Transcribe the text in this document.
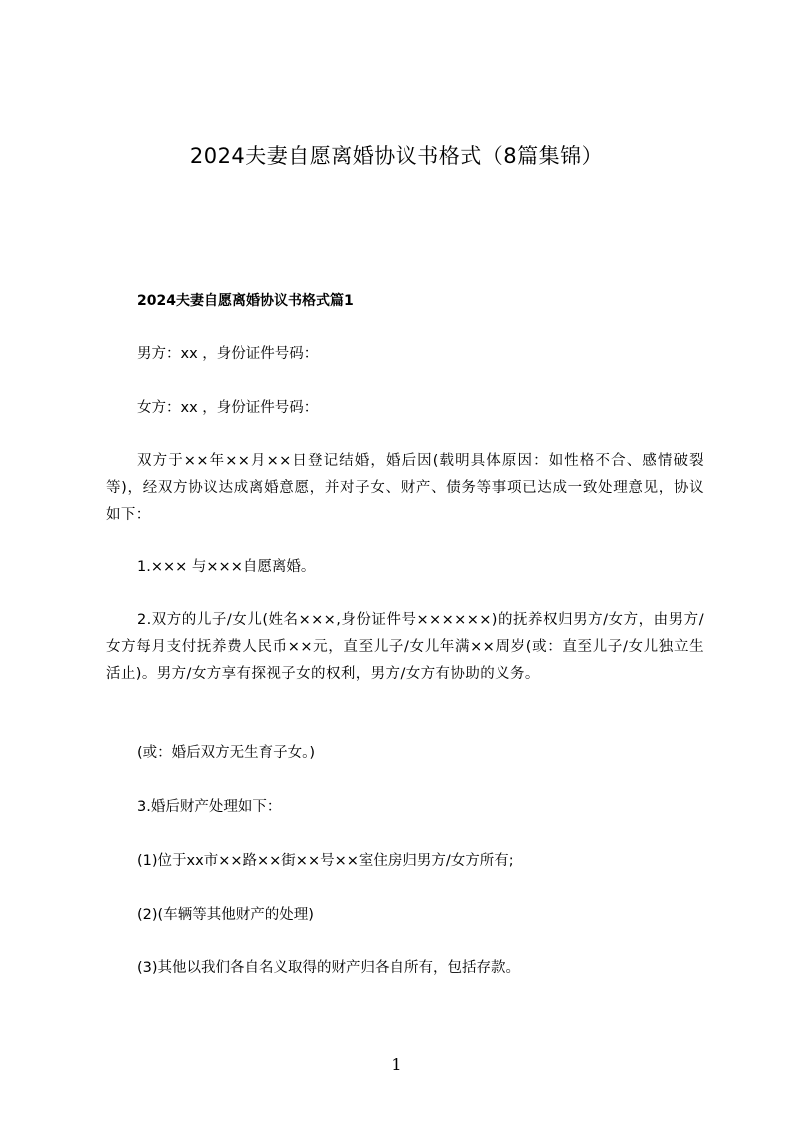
2024夫妻自愿离婚协议书格式（8篇集锦）
2024夫妻自愿离婚协议书格式篇1
男方：xx ，身份证件号码：
女方：xx ，身份证件号码：
双方于××年××月××日登记结婚，婚后因(载明具体原因：如性格不合、感情破裂等)，经双方协议达成离婚意愿，并对子女、财产、债务等事项已达成一致处理意见，协议如下：
1.××× 与×××自愿离婚。
2.双方的儿子/女儿(姓名×××,身份证件号××××××)的抚养权归男方/女方，由男方/女方每月支付抚养费人民币××元，直至儿子/女儿年满××周岁(或：直至儿子/女儿独立生活止)。男方/女方享有探视子女的权利，男方/女方有协助的义务。
(或：婚后双方无生育子女。)
3.婚后财产处理如下：
(1)位于xx市××路××街××号××室住房归男方/女方所有;
(2)(车辆等其他财产的处理)
(3)其他以我们各自名义取得的财产归各自所有，包括存款。
1
